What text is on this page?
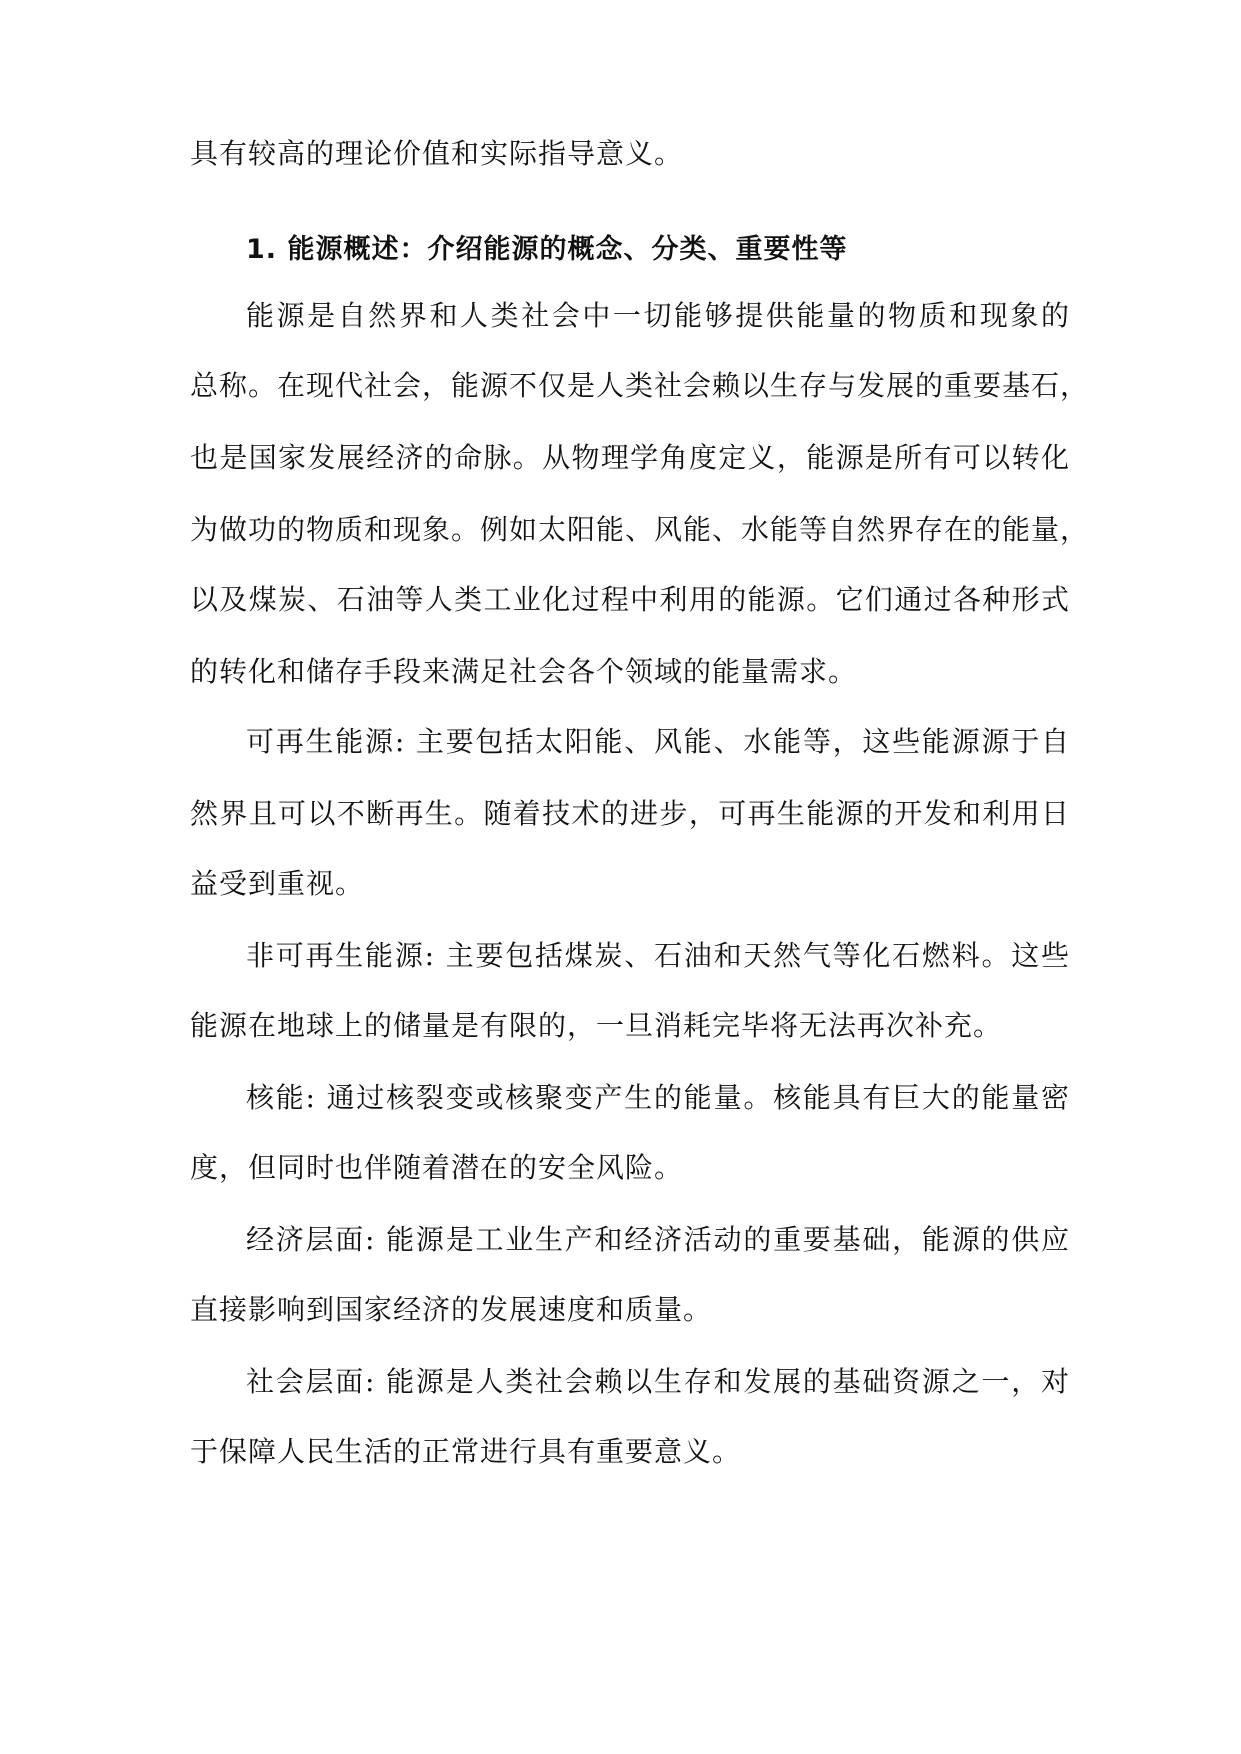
具有较高的理论价值和实际指导意义。
1. 能源概述：介绍能源的概念、分类、重要性等
能源是自然界和人类社会中一切能够提供能量的物质和现象的
总称。在现代社会，能源不仅是人类社会赖以生存与发展的重要基石，
也是国家发展经济的命脉。从物理学角度定义，能源是所有可以转化
为做功的物质和现象。例如太阳能、风能、水能等自然界存在的能量，
以及煤炭、石油等人类工业化过程中利用的能源。它们通过各种形式
的转化和储存手段来满足社会各个领域的能量需求。
可再生能源: 主要包括太阳能、风能、水能等，这些能源源于自
然界且可以不断再生。随着技术的进步，可再生能源的开发和利用日
益受到重视。
非可再生能源: 主要包括煤炭、石油和天然气等化石燃料。这些
能源在地球上的储量是有限的，一旦消耗完毕将无法再次补充。
核能: 通过核裂变或核聚变产生的能量。核能具有巨大的能量密
度，但同时也伴随着潜在的安全风险。
经济层面: 能源是工业生产和经济活动的重要基础，能源的供应
直接影响到国家经济的发展速度和质量。
社会层面: 能源是人类社会赖以生存和发展的基础资源之一，对
于保障人民生活的正常进行具有重要意义。
